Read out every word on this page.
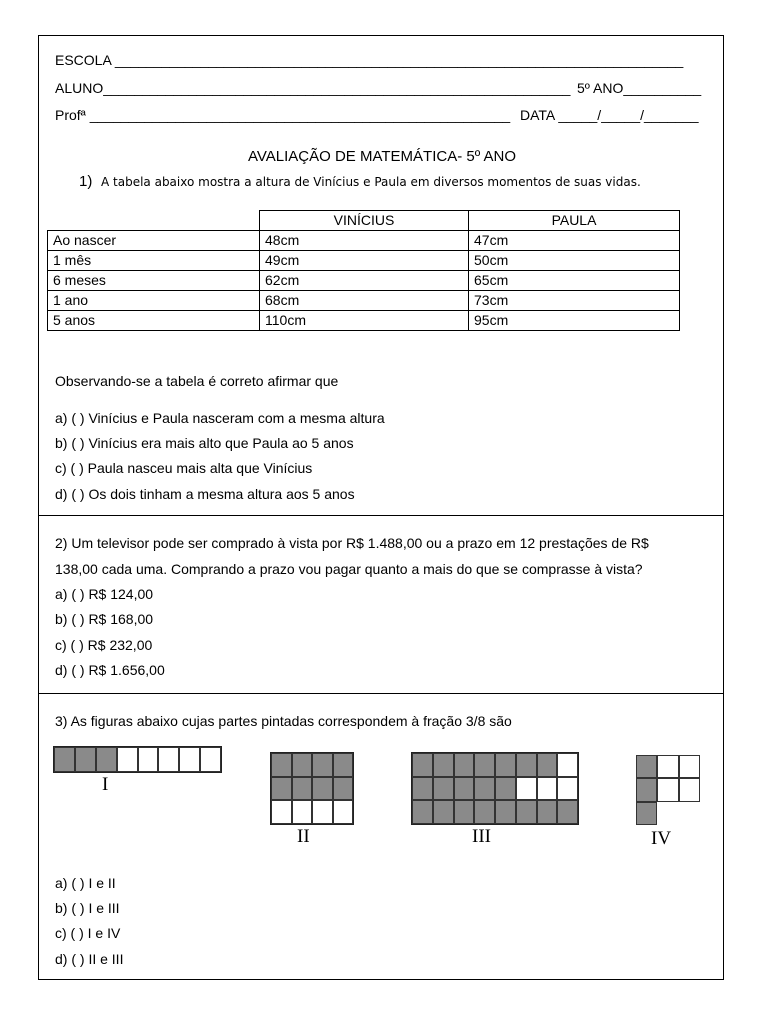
ESCOLA _________________________________________________________________________
ALUNO____________________________________________________________ 5º ANO__________
Profª ______________________________________________________ DATA _____/_____/_______
AVALIAÇÃO DE MATEMÁTICA- 5º ANO
1) A tabela abaixo mostra a altura de Vinícius e Paula em diversos momentos de suas vidas.
	VINÍCIUS	PAULA
Ao nascer	48cm	47cm
1 mês	49cm	50cm
6 meses	62cm	65cm
1 ano	68cm	73cm
5 anos	110cm	95cm
Observando-se a tabela é correto afirmar que
a) ( ) Vinícius e Paula nasceram com a mesma altura
b) ( ) Vinícius era mais alto que Paula ao 5 anos
c) ( ) Paula nasceu mais alta que Vinícius
d) ( ) Os dois tinham a mesma altura aos 5 anos
2) Um televisor pode ser comprado à vista por R$ 1.488,00 ou a prazo em 12 prestações de R$
138,00 cada uma. Comprando a prazo vou pagar quanto a mais do que se comprasse à vista?
a) ( ) R$ 124,00
b) ( ) R$ 168,00
c) ( ) R$ 232,00
d) ( ) R$ 1.656,00
3) As figuras abaixo cujas partes pintadas correspondem à fração 3/8 são
I
II	III	IV
a) ( ) I e II
b) ( ) I e III
c) ( ) I e IV
d) ( ) II e III
